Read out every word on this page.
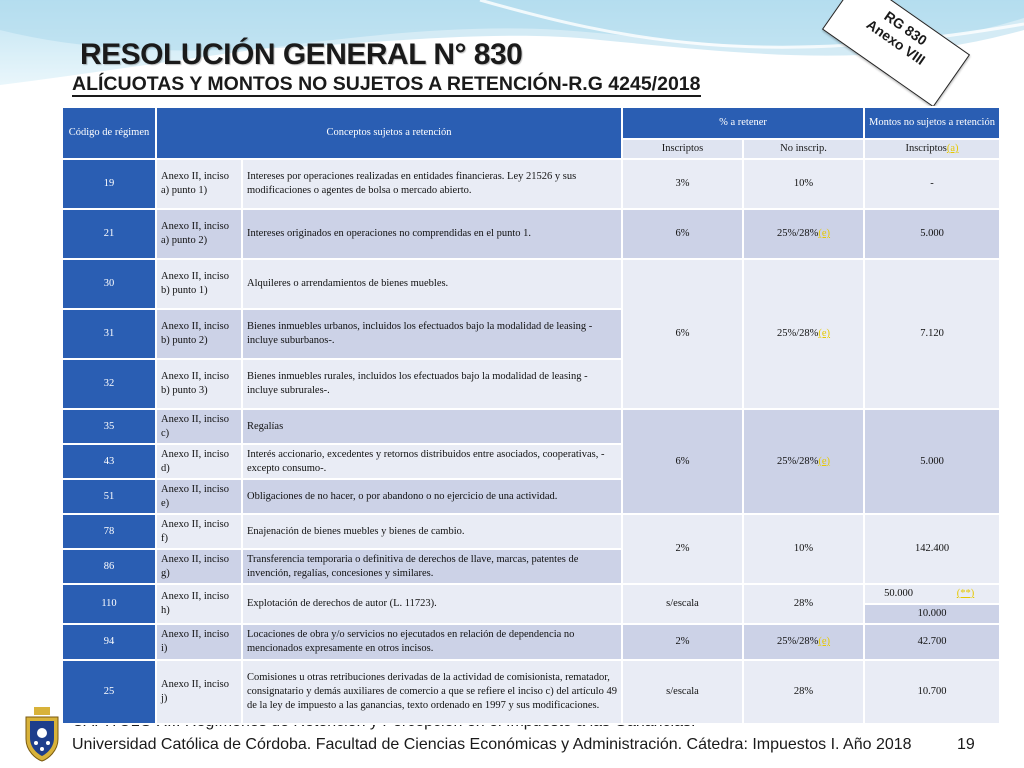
RESOLUCIÓN GENERAL N° 830
ALÍCUOTAS Y MONTOS NO SUJETOS A RETENCIÓN-R.G 4245/2018
RG 830
Anexo VIII
Código de régimen	Conceptos sujetos a retención		% a retener		Montos no sujetos a retención
			Inscriptos	No inscrip.	Inscriptos(a)
19	Anexo II, inciso a) punto 1)	Intereses por operaciones realizadas en entidades financieras. Ley 21526 y sus modificaciones o agentes de bolsa o mercado abierto.	3%	10%	-
21	Anexo II, inciso a) punto 2)	Intereses originados en operaciones no comprendidas en el punto 1.	6%	25%/28%(e)	5.000
30	Anexo II, inciso b) punto 1)	Alquileres o arrendamientos de bienes muebles.	6%	25%/28%(e)	7.120
31	Anexo II, inciso b) punto 2)	Bienes inmuebles urbanos, incluidos los efectuados bajo la modalidad de leasing -incluye suburbanos-.			
32	Anexo II, inciso b) punto 3)	Bienes inmuebles rurales, incluidos los efectuados bajo la modalidad de leasing -incluye subrurales-.			
35	Anexo II, inciso c)	Regalías	6%	25%/28%(e)	5.000
43	Anexo II, inciso d)	Interés accionario, excedentes y retornos distribuidos entre asociados, cooperativas, -excepto consumo-.			
51	Anexo II, inciso e)	Obligaciones de no hacer, o por abandono o no ejercicio de una actividad.			
78	Anexo II, inciso f)	Enajenación de bienes muebles y bienes de cambio.	2%	10%	142.400
86	Anexo II, inciso g)	Transferencia temporaria o definitiva de derechos de llave, marcas, patentes de invención, regalías, concesiones y similares.			
110	Anexo II, inciso h)	Explotación de derechos de autor (L. 11723).	s/escala	28%	50.000 (**)
10.000

94	Anexo II, inciso i)	Locaciones de obra y/o servicios no ejecutados en relación de dependencia no mencionados expresamente en otros incisos.	2%	25%/28%(e)	42.700
25	Anexo II, inciso j)	Comisiones u otras retribuciones derivadas de la actividad de comisionista, rematador, consignatario y demás auxiliares de comercio a que se refiere el inciso c) del artículo 49 de la ley de impuesto a las ganancias, texto ordenado en 1997 y sus modificaciones.	s/escala	28%	10.700
Universidad Católica de Córdoba. Facultad de Ciencias Económicas y Administración. Cátedra: Impuestos I. Año 2018	19
